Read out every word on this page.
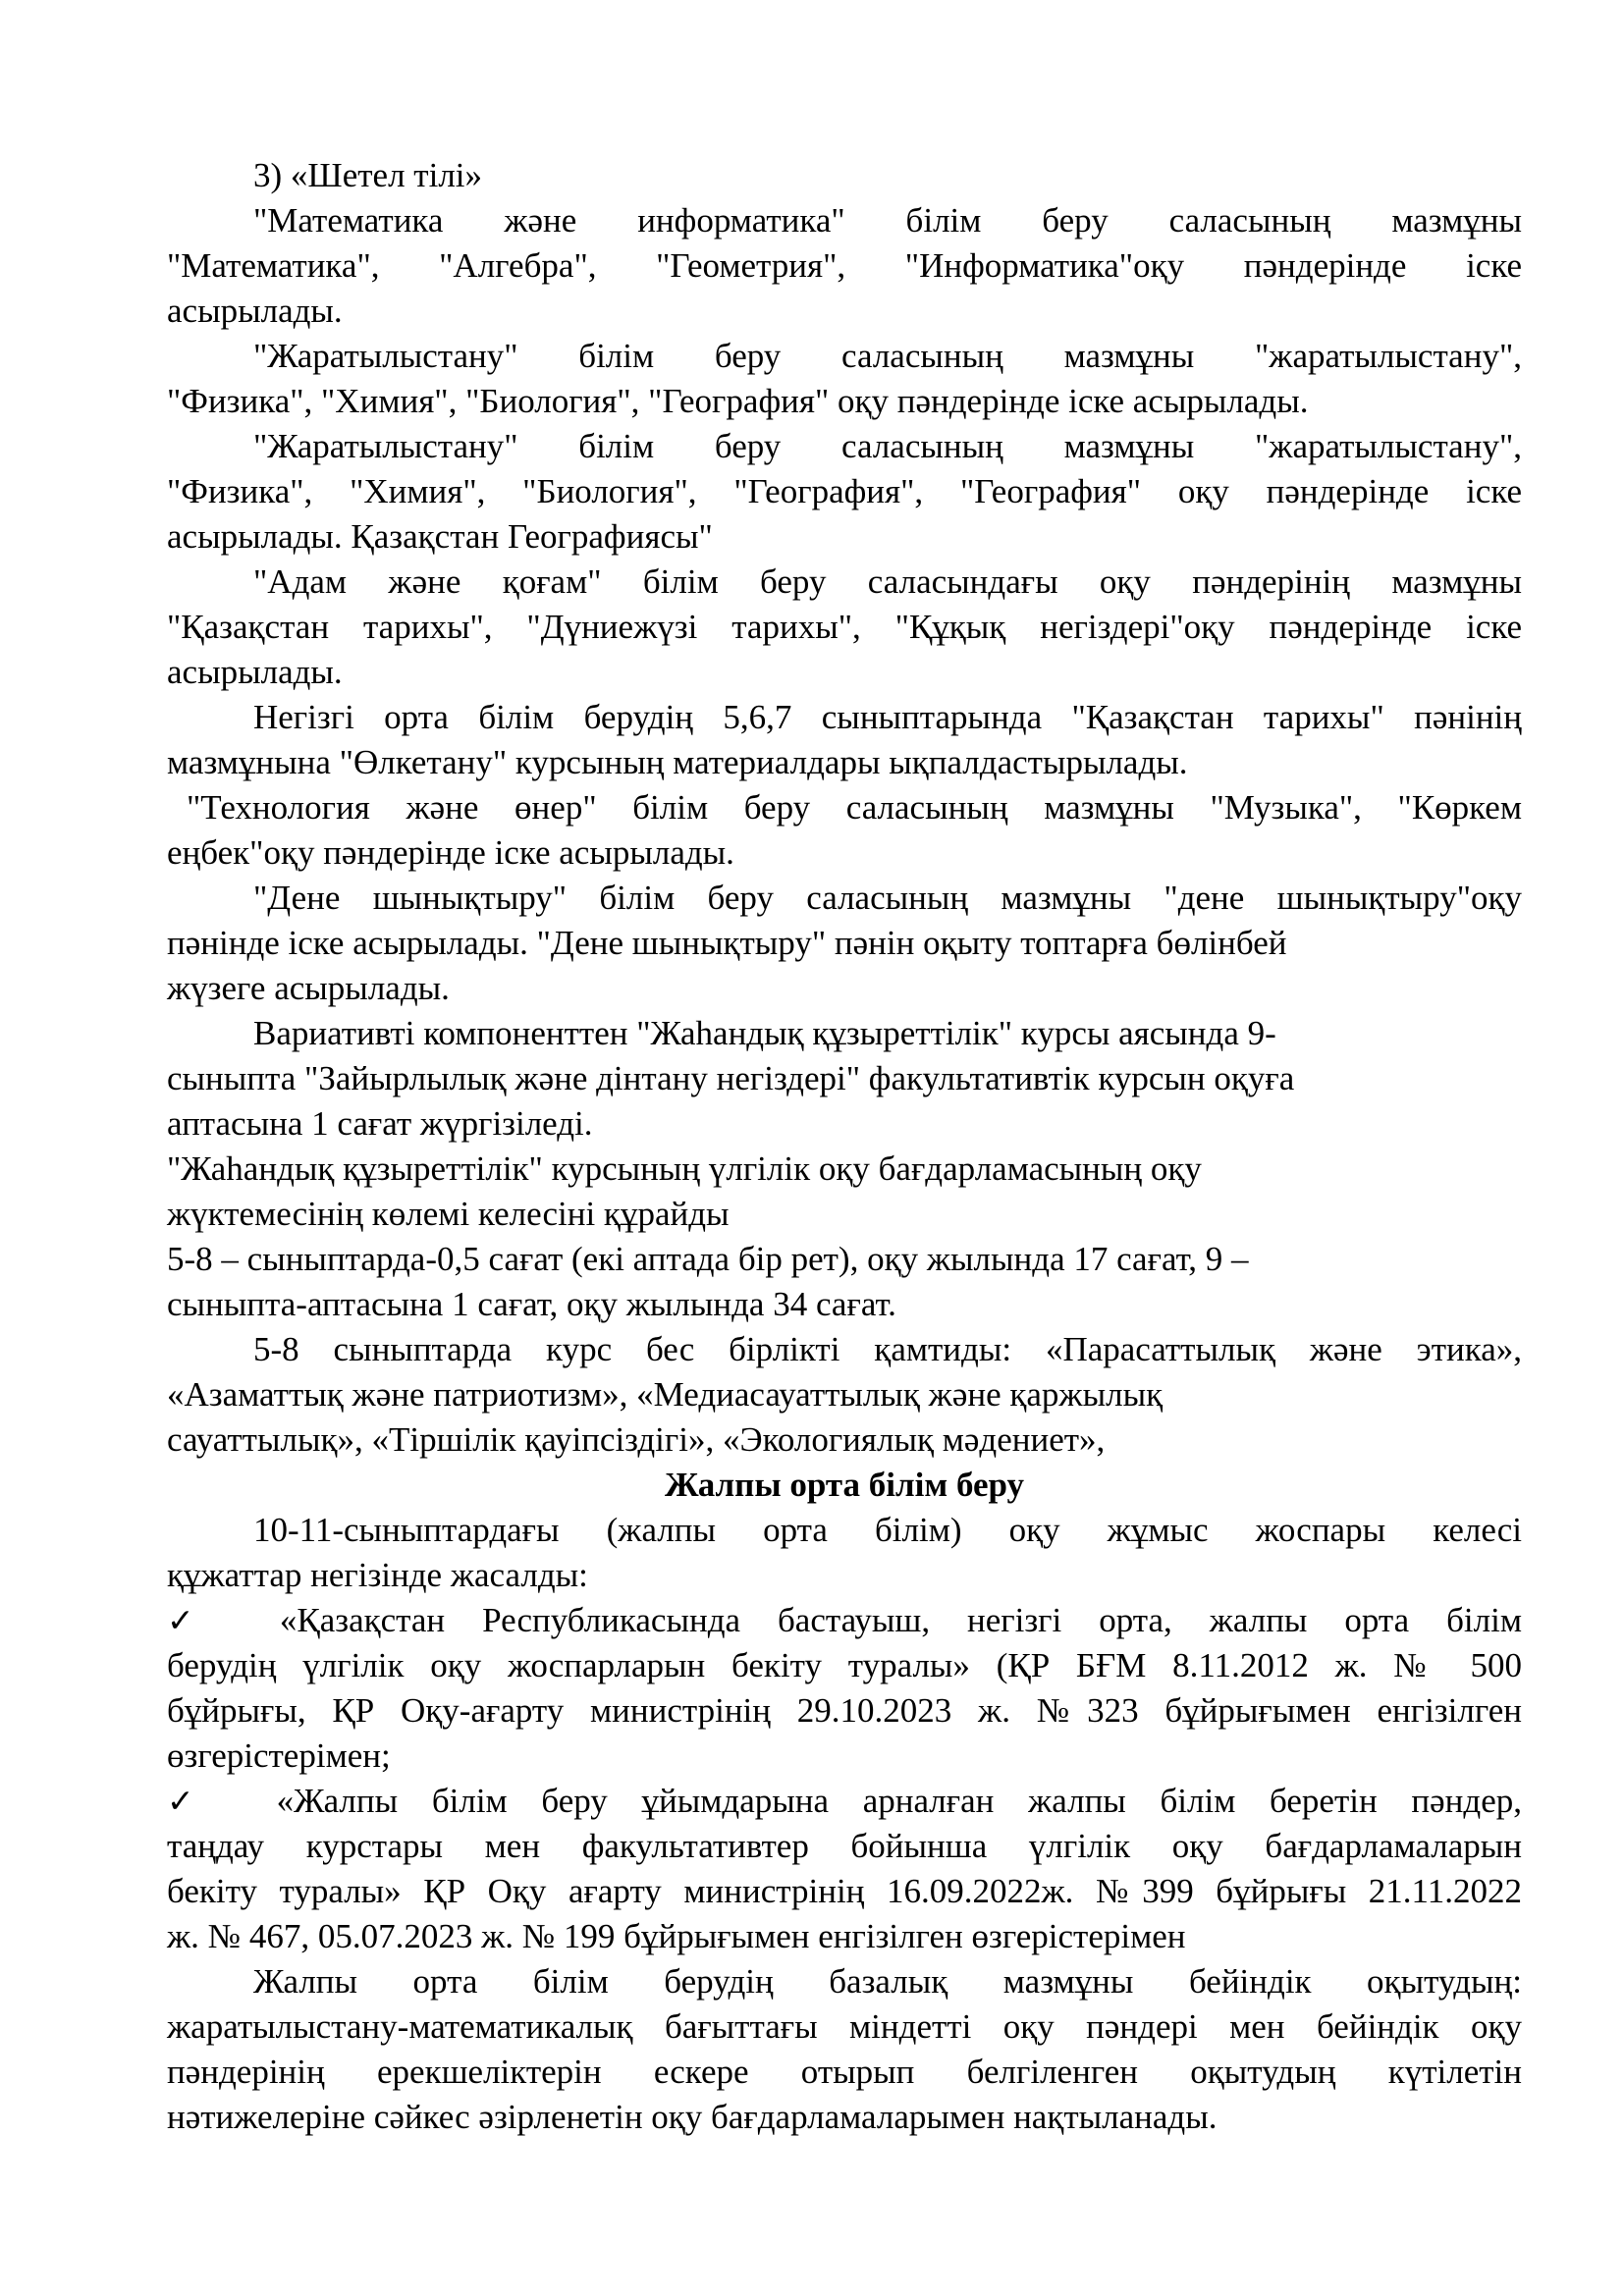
3) «Шетел тілі»
"Математика және информатика" білім беру саласының мазмұны
"Математика", "Алгебра", "Геометрия", "Информатика"оқу пәндерінде іске
асырылады.
"Жаратылыстану" білім беру саласының мазмұны "жаратылыстану",
"Физика", "Химия", "Биология", "География" оқу пәндерінде іске асырылады.
"Жаратылыстану" білім беру саласының мазмұны "жаратылыстану",
"Физика", "Химия", "Биология", "География", "География" оқу пәндерінде іске
асырылады. Қазақстан Географиясы"
"Адам және қоғам" білім беру саласындағы оқу пәндерінің мазмұны
"Қазақстан тарихы", "Дүниежүзі тарихы", "Құқық негіздері"оқу пәндерінде іске
асырылады.
Негізгі орта білім берудің 5,6,7 сыныптарында "Қазақстан тарихы" пәнінің
мазмұнына "Өлкетану" курсының материалдары ықпалдастырылады.
"Технология және өнер" білім беру саласының мазмұны "Музыка", "Көркем
еңбек"оқу пәндерінде іске асырылады.
"Дене шынықтыру" білім беру саласының мазмұны "дене шынықтыру"оқу
пәнінде іске асырылады. "Дене шынықтыру" пәнін оқыту топтарға бөлінбей
жүзеге асырылады.
Вариативті компоненттен "Жаһандық құзыреттілік" курсы аясында 9-
сыныпта "Зайырлылық және дінтану негіздері" факультативтік курсын оқуға
аптасына 1 сағат жүргізіледі.
"Жаһандық құзыреттілік" курсының үлгілік оқу бағдарламасының оқу
жүктемесінің көлемі келесіні құрайды
5-8 – сыныптарда-0,5 сағат (екі аптада бір рет), оқу жылында 17 сағат, 9 –
сыныпта-аптасына 1 сағат, оқу жылында 34 сағат.
5-8 сыныптарда курс бес бірлікті қамтиды: «Парасаттылық және этика»,
«Азаматтық және патриотизм», «Медиасауаттылық және қаржылық
сауаттылық», «Тіршілік қауіпсіздігі», «Экологиялық мәдениет»,
Жалпы орта білім беру
10-11-сыныптардағы (жалпы орта білім) оқу жұмыс жоспары келесі
құжаттар негізінде жасалды:
✓ «Қазақстан Республикасында бастауыш, негізгі орта, жалпы орта білім
берудің үлгілік оқу жоспарларын бекіту туралы» (ҚР БҒМ 8.11.2012 ж. № 500
бұйрығы, ҚР Оқу-ағарту министрінің 29.10.2023 ж. №323 бұйрығымен енгізілген
өзгерістерімен;
✓ «Жалпы білім беру ұйымдарына арналған жалпы білім беретін пәндер,
таңдау курстары мен факультативтер бойынша үлгілік оқу бағдарламаларын
бекіту туралы» ҚР Оқу ағарту министрінің 16.09.2022ж. №399 бұйрығы 21.11.2022
ж. № 467, 05.07.2023 ж. № 199 бұйрығымен енгізілген өзгерістерімен
Жалпы орта білім берудің базалық мазмұны бейіндік оқытудың:
жаратылыстану-математикалық бағыттағы міндетті оқу пәндері мен бейіндік оқу
пәндерінің ерекшеліктерін ескере отырып белгіленген оқытудың күтілетін
нәтижелеріне сәйкес әзірленетін оқу бағдарламаларымен нақтыланады.
